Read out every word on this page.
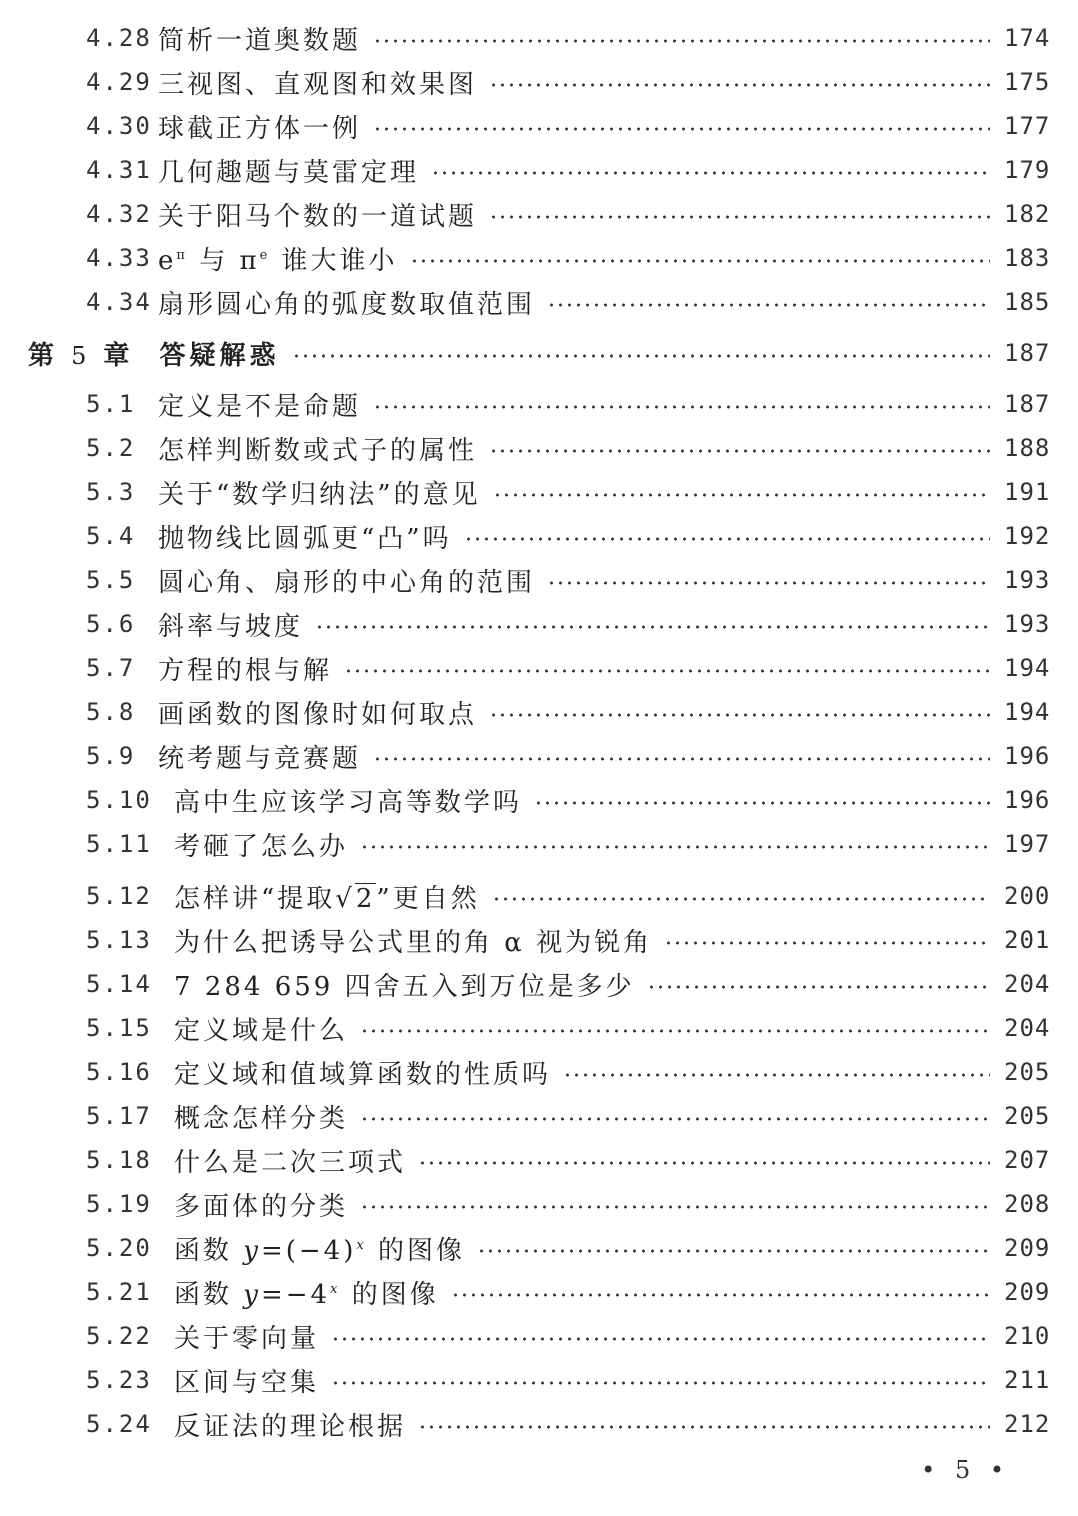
4.28 简析一道奥数题	174
4.29 三视图、直观图和效果图	175
4.30 球截正方体一例	177
4.31 几何趣题与莫雷定理	179
4.32 关于阳马个数的一道试题	182
4.33 $e^\pi$ 与 $\pi^e$ 谁大谁小	183
4.34 扇形圆心角的弧度数取值范围	185
第 5 章 答疑解惑	187
5.1 定义是不是命题	187
5.2 怎样判断数或式子的属性	188
5.3 关于“数学归纳法”的意见	191
5.4 抛物线比圆弧更“凸”吗	192
5.5 圆心角、扇形的中心角的范围	193
5.6 斜率与坡度	193
5.7 方程的根与解	194
5.8 画函数的图像时如何取点	194
5.9 统考题与竞赛题	196
5.10 高中生应该学习高等数学吗	196
5.11 考砸了怎么办	197
5.12 怎样讲“提取√2”更自然	200
5.13 为什么把诱导公式里的角 α 视为锐角	201
5.14 7 284 659 四舍五入到万位是多少	204
5.15 定义域是什么	204
5.16 定义域和值域算函数的性质吗	205
5.17 概念怎样分类	205
5.18 什么是二次三项式	207
5.19 多面体的分类	208
5.20 函数 $y=(-4)^x$ 的图像	209
5.21 函数 $y=-4^x$ 的图像	209
5.22 关于零向量	210
5.23 区间与空集	211
5.24 反证法的理论根据	212
• 5 •
